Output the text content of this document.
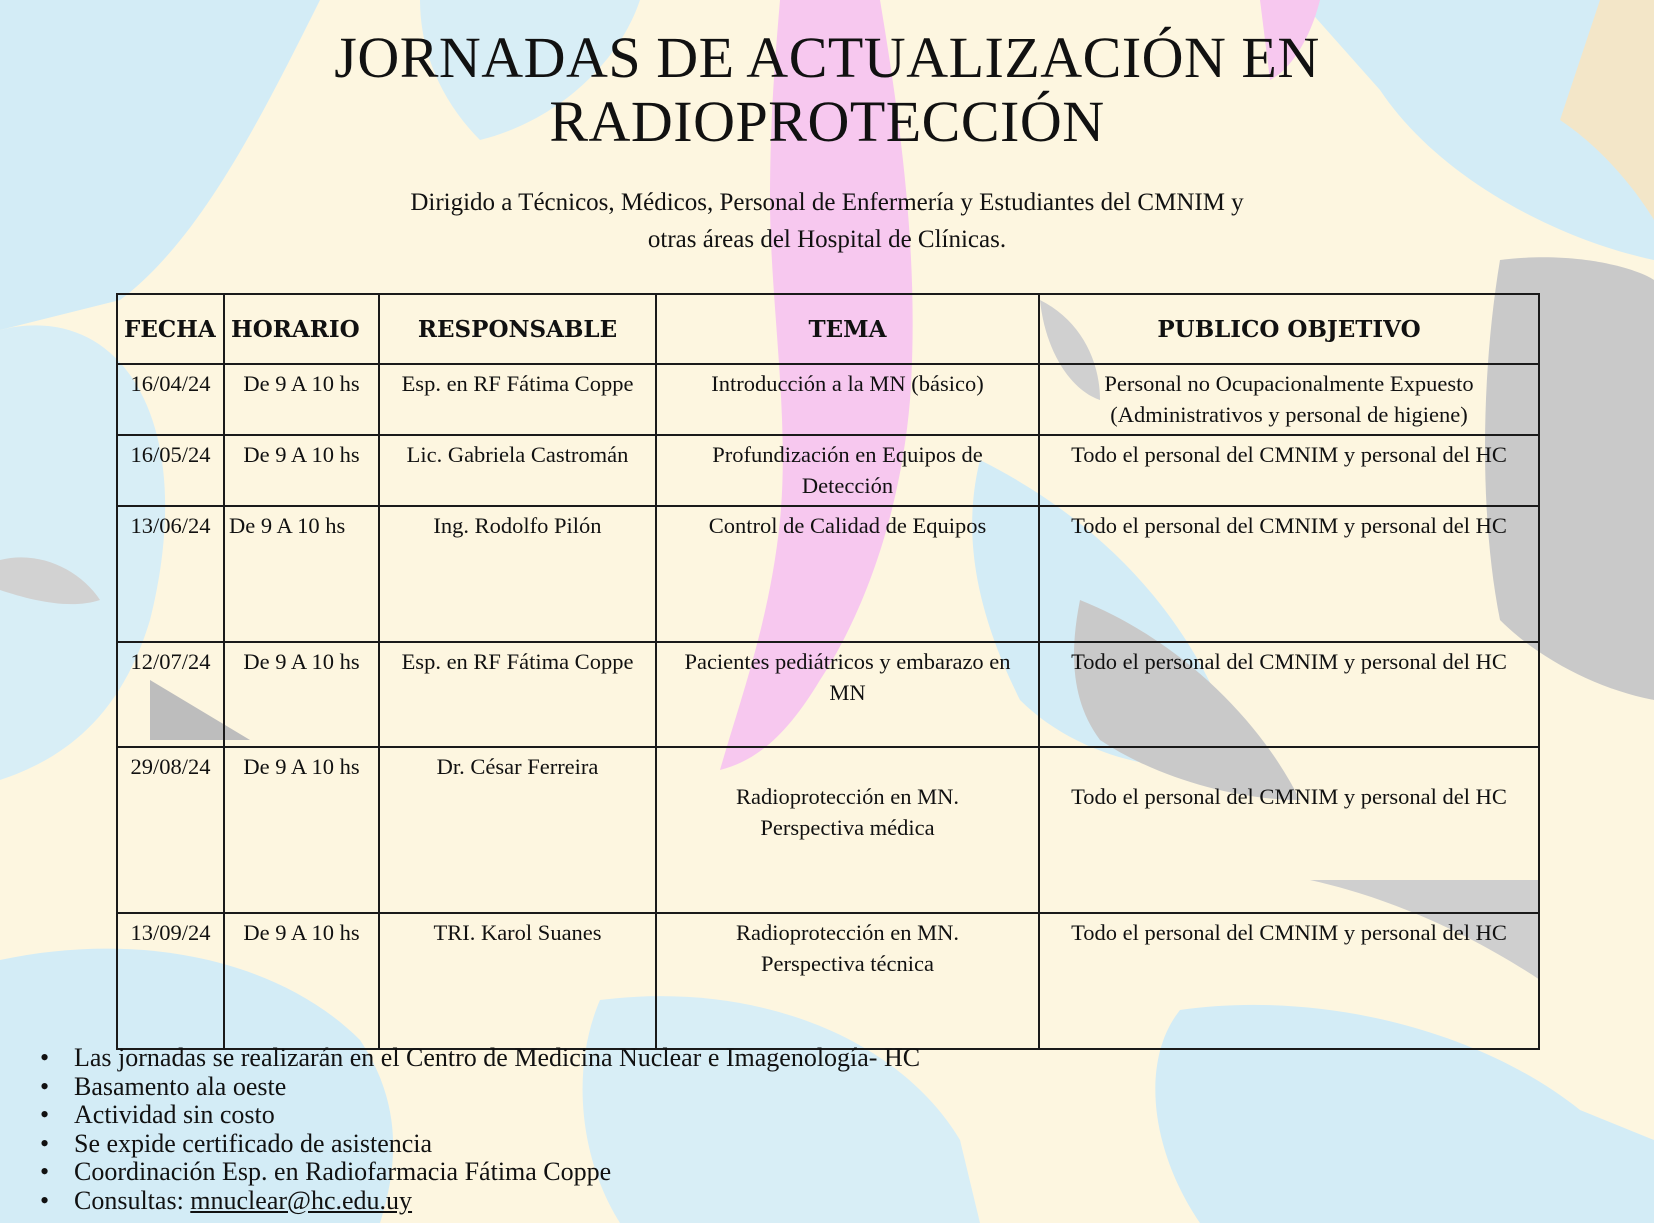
JORNADAS DE ACTUALIZACIÓN EN
RADIOPROTECCIÓN
Dirigido a Técnicos, Médicos, Personal de Enfermería y Estudiantes del CMNIM y
otras áreas del Hospital de Clínicas.
FECHA	HORARIO	RESPONSABLE	TEMA	PUBLICO OBJETIVO
16/04/24	De 9 A 10 hs	Esp. en RF Fátima Coppe	Introducción a la MN (básico)	Personal no Ocupacionalmente Expuesto
(Administrativos y personal de higiene)

16/05/24	De 9 A 10 hs	Lic. Gabriela Castromán	Profundización en Equipos de
Detección	Todo el personal del CMNIM y personal del HC

13/06/24	De 9 A 10 hs	Ing. Rodolfo Pilón	Control de Calidad de Equipos	Todo el personal del CMNIM y personal del HC

12/07/24	De 9 A 10 hs	Esp. en RF Fátima Coppe	Pacientes pediátricos y embarazo en
MN	Todo el personal del CMNIM y personal del HC

29/08/24	De 9 A 10 hs	Dr. César Ferreira	Radioprotección en MN.
Perspectiva médica	Todo el personal del CMNIM y personal del HC

13/09/24	De 9 A 10 hs	TRI. Karol Suanes	Radioprotección en MN.
Perspectiva técnica	Todo el personal del CMNIM y personal del HC
• Las jornadas se realizarán en el Centro de Medicina Nuclear e Imagenología- HC
• Basamento ala oeste
• Actividad sin costo
• Se expide certificado de asistencia
• Coordinación Esp. en Radiofarmacia Fátima Coppe
• Consultas: mnuclear@hc.edu.uy
